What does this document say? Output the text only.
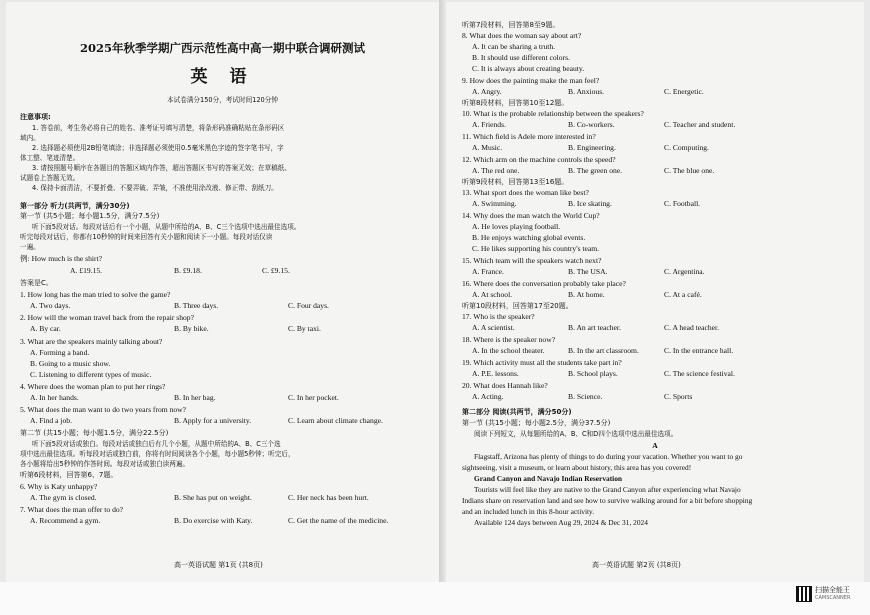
2025年秋季学期广西示范性高中高一期中联合调研测试
英 语
本试卷满分150分，考试时间120分钟
注意事项:
1. 答卷前，考生务必将自己的姓名、准考证号填写清楚，将条形码准确粘贴在条形码区
域内。
2. 选择题必须使用2B铅笔填涂；非选择题必须使用0.5毫米黑色字迹的签字笔书写，字
体工整、笔迹清楚。
3. 请按照题号顺序在各题目的答题区域内作答，超出答题区书写的答案无效；在草稿纸、
试题卷上答题无效。
4. 保持卡面清洁，不要折叠、不要弄破、弄皱，不准使用涂改液、修正带、刮纸刀。
第一部分 听力(共两节，满分30分)
第一节 (共5小题；每小题1.5分，满分7.5分)
听下面5段对话。每段对话后有一个小题，从题中所给的A、B、C三个选项中选出最佳选项。
听完每段对话后，你都有10秒钟的时间来回答有关小题和阅读下一小题。每段对话仅读
一遍。
例: How much is the shirt?
A. £19.15.	B. £9.18.	C. £9.15.
答案是C。
1. How long has the man tried to solve the game?
A. Two days.	B. Three days.	C. Four days.
2. How will the woman travel back from the repair shop?
A. By car.	B. By bike.	C. By taxi.
3. What are the speakers mainly talking about?
A. Forming a band.
B. Going to a music show.
C. Listening to different types of music.
4. Where does the woman plan to put her rings?
A. In her hands.	B. In her bag.	C. In her pocket.
5. What does the man want to do two years from now?
A. Find a job.	B. Apply for a university.	C. Learn about climate change.
第二节 (共15小题；每小题1.5分，满分22.5分)
听下面5段对话或独白。每段对话或独白后有几个小题，从题中所给的A、B、C三个选
项中选出最佳选项。听每段对话或独白前，你将有时间阅读各个小题，每小题5秒钟；听完后，
各小题将给出5秒钟的作答时间。每段对话或独白读两遍。
听第6段材料，回答第6、7题。
6. Why is Katy unhappy?
A. The gym is closed.	B. She has put on weight.	C. Her neck has been hurt.
7. What does the man offer to do?
A. Recommend a gym.	B. Do exercise with Katy.	C. Get the name of the medicine.
高一英语试题 第1页 (共8页)
听第7段材料，回答第8至9题。
8. What does the woman say about art?
A. It can be sharing a truth.
B. It should use different colors.
C. It is always about creating beauty.
9. How does the painting make the man feel?
A. Angry.	B. Anxious.	C. Energetic.
听第8段材料，回答第10至12题。
10. What is the probable relationship between the speakers?
A. Friends.	B. Co-workers.	C. Teacher and student.
11. Which field is Adele more interested in?
A. Music.	B. Engineering.	C. Computing.
12. Which arm on the machine controls the speed?
A. The red one.	B. The green one.	C. The blue one.
听第9段材料，回答第13至16题。
13. What sport does the woman like best?
A. Swimming.	B. Ice skating.	C. Football.
14. Why does the man watch the World Cup?
A. He loves playing football.
B. He enjoys watching global events.
C. He likes supporting his country's team.
15. Which team will the speakers watch next?
A. France.	B. The USA.	C. Argentina.
16. Where does the conversation probably take place?
A. At school.	B. At home.	C. At a café.
听第10段材料，回答第17至20题。
17. Who is the speaker?
A. A scientist.	B. An art teacher.	C. A head teacher.
18. Where is the speaker now?
A. In the school theater.	B. In the art classroom.	C. In the entrance hall.
19. Which activity must all the students take part in?
A. P.E. lessons.	B. School plays.	C. The science festival.
20. What does Hannah like?
A. Acting.	B. Science.	C. Sports
第二部分 阅读(共两节，满分50分)
第一节 (共15小题；每小题2.5分，满分37.5分)
阅读下列短文，从每题所给的A、B、C和D四个选项中选出最佳选项。
A
Flagstaff, Arizona has plenty of things to do during your vacation. Whether you want to go
sightseeing, visit a museum, or learn about history, this area has you covered!
Grand Canyon and Navajo Indian Reservation
Tourists will feel like they are native to the Grand Canyon after experiencing what Navajo
Indians share on reservation land and see how to survive walking around for a bit before shopping
and an included lunch in this 8-hour activity.
Available 124 days between Aug 29, 2024 & Dec 31, 2024
高一英语试题 第2页 (共8页)
扫描全能王
CAMSCANNER
